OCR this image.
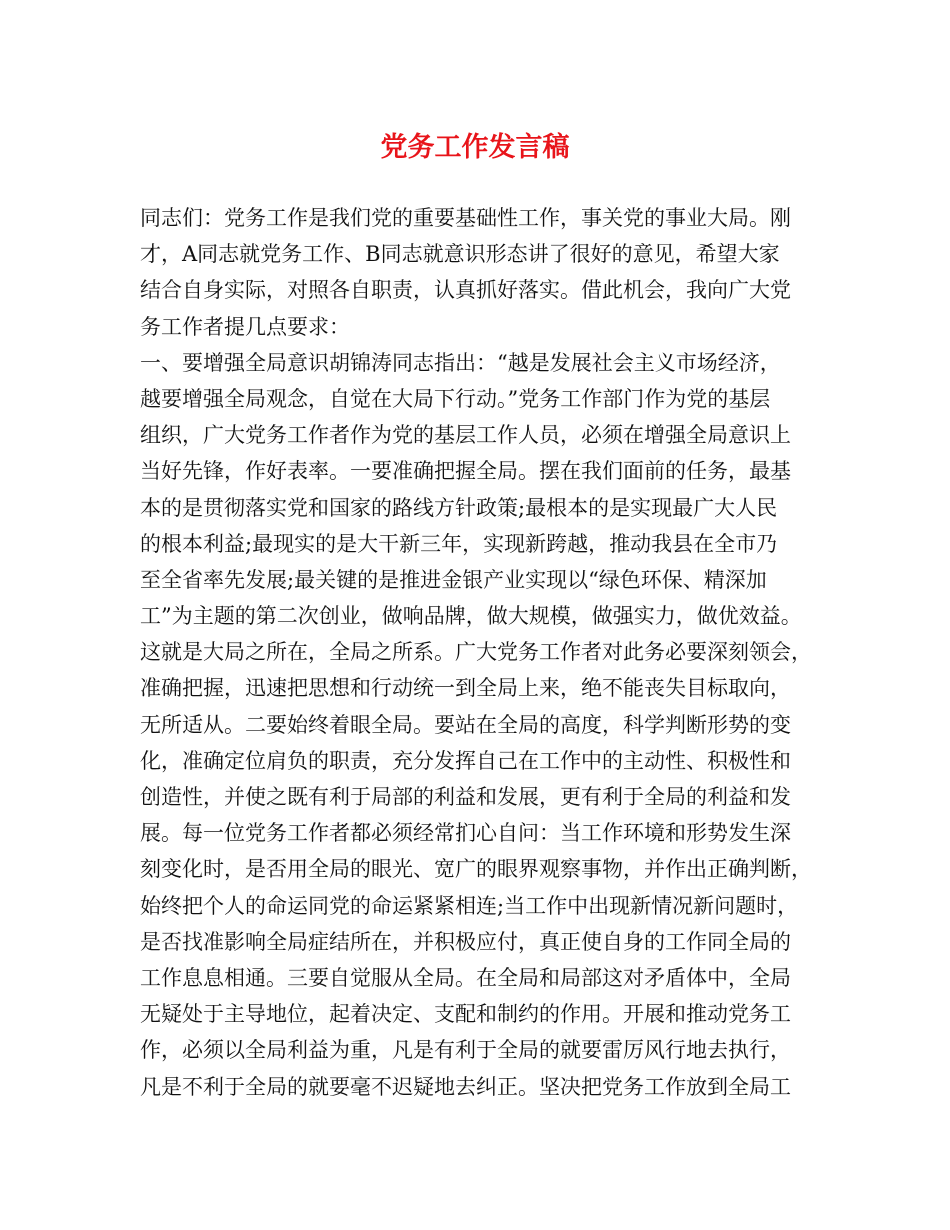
党务工作发言稿
同志们：党务工作是我们党的重要基础性工作，事关党的事业大局。刚
才，A同志就党务工作、B同志就意识形态讲了很好的意见，希望大家
结合自身实际，对照各自职责，认真抓好落实。借此机会，我向广大党
务工作者提几点要求：
一、要增强全局意识胡锦涛同志指出：“越是发展社会主义市场经济，
越要增强全局观念，自觉在大局下行动。”党务工作部门作为党的基层
组织，广大党务工作者作为党的基层工作人员，必须在增强全局意识上
当好先锋，作好表率。一要准确把握全局。摆在我们面前的任务，最基
本的是贯彻落实党和国家的路线方针政策;最根本的是实现最广大人民
的根本利益;最现实的是大干新三年，实现新跨越，推动我县在全市乃
至全省率先发展;最关键的是推进金银产业实现以“绿色环保、精深加
工”为主题的第二次创业，做响品牌，做大规模，做强实力，做优效益。
这就是大局之所在，全局之所系。广大党务工作者对此务必要深刻领会，
准确把握，迅速把思想和行动统一到全局上来，绝不能丧失目标取向，
无所适从。二要始终着眼全局。要站在全局的高度，科学判断形势的变
化，准确定位肩负的职责，充分发挥自己在工作中的主动性、积极性和
创造性，并使之既有利于局部的利益和发展，更有利于全局的利益和发
展。每一位党务工作者都必须经常扪心自问：当工作环境和形势发生深
刻变化时，是否用全局的眼光、宽广的眼界观察事物，并作出正确判断，
始终把个人的命运同党的命运紧紧相连;当工作中出现新情况新问题时，
是否找准影响全局症结所在，并积极应付，真正使自身的工作同全局的
工作息息相通。三要自觉服从全局。在全局和局部这对矛盾体中，全局
无疑处于主导地位，起着决定、支配和制约的作用。开展和推动党务工
作，必须以全局利益为重，凡是有利于全局的就要雷厉风行地去执行，
凡是不利于全局的就要毫不迟疑地去纠正。坚决把党务工作放到全局工
